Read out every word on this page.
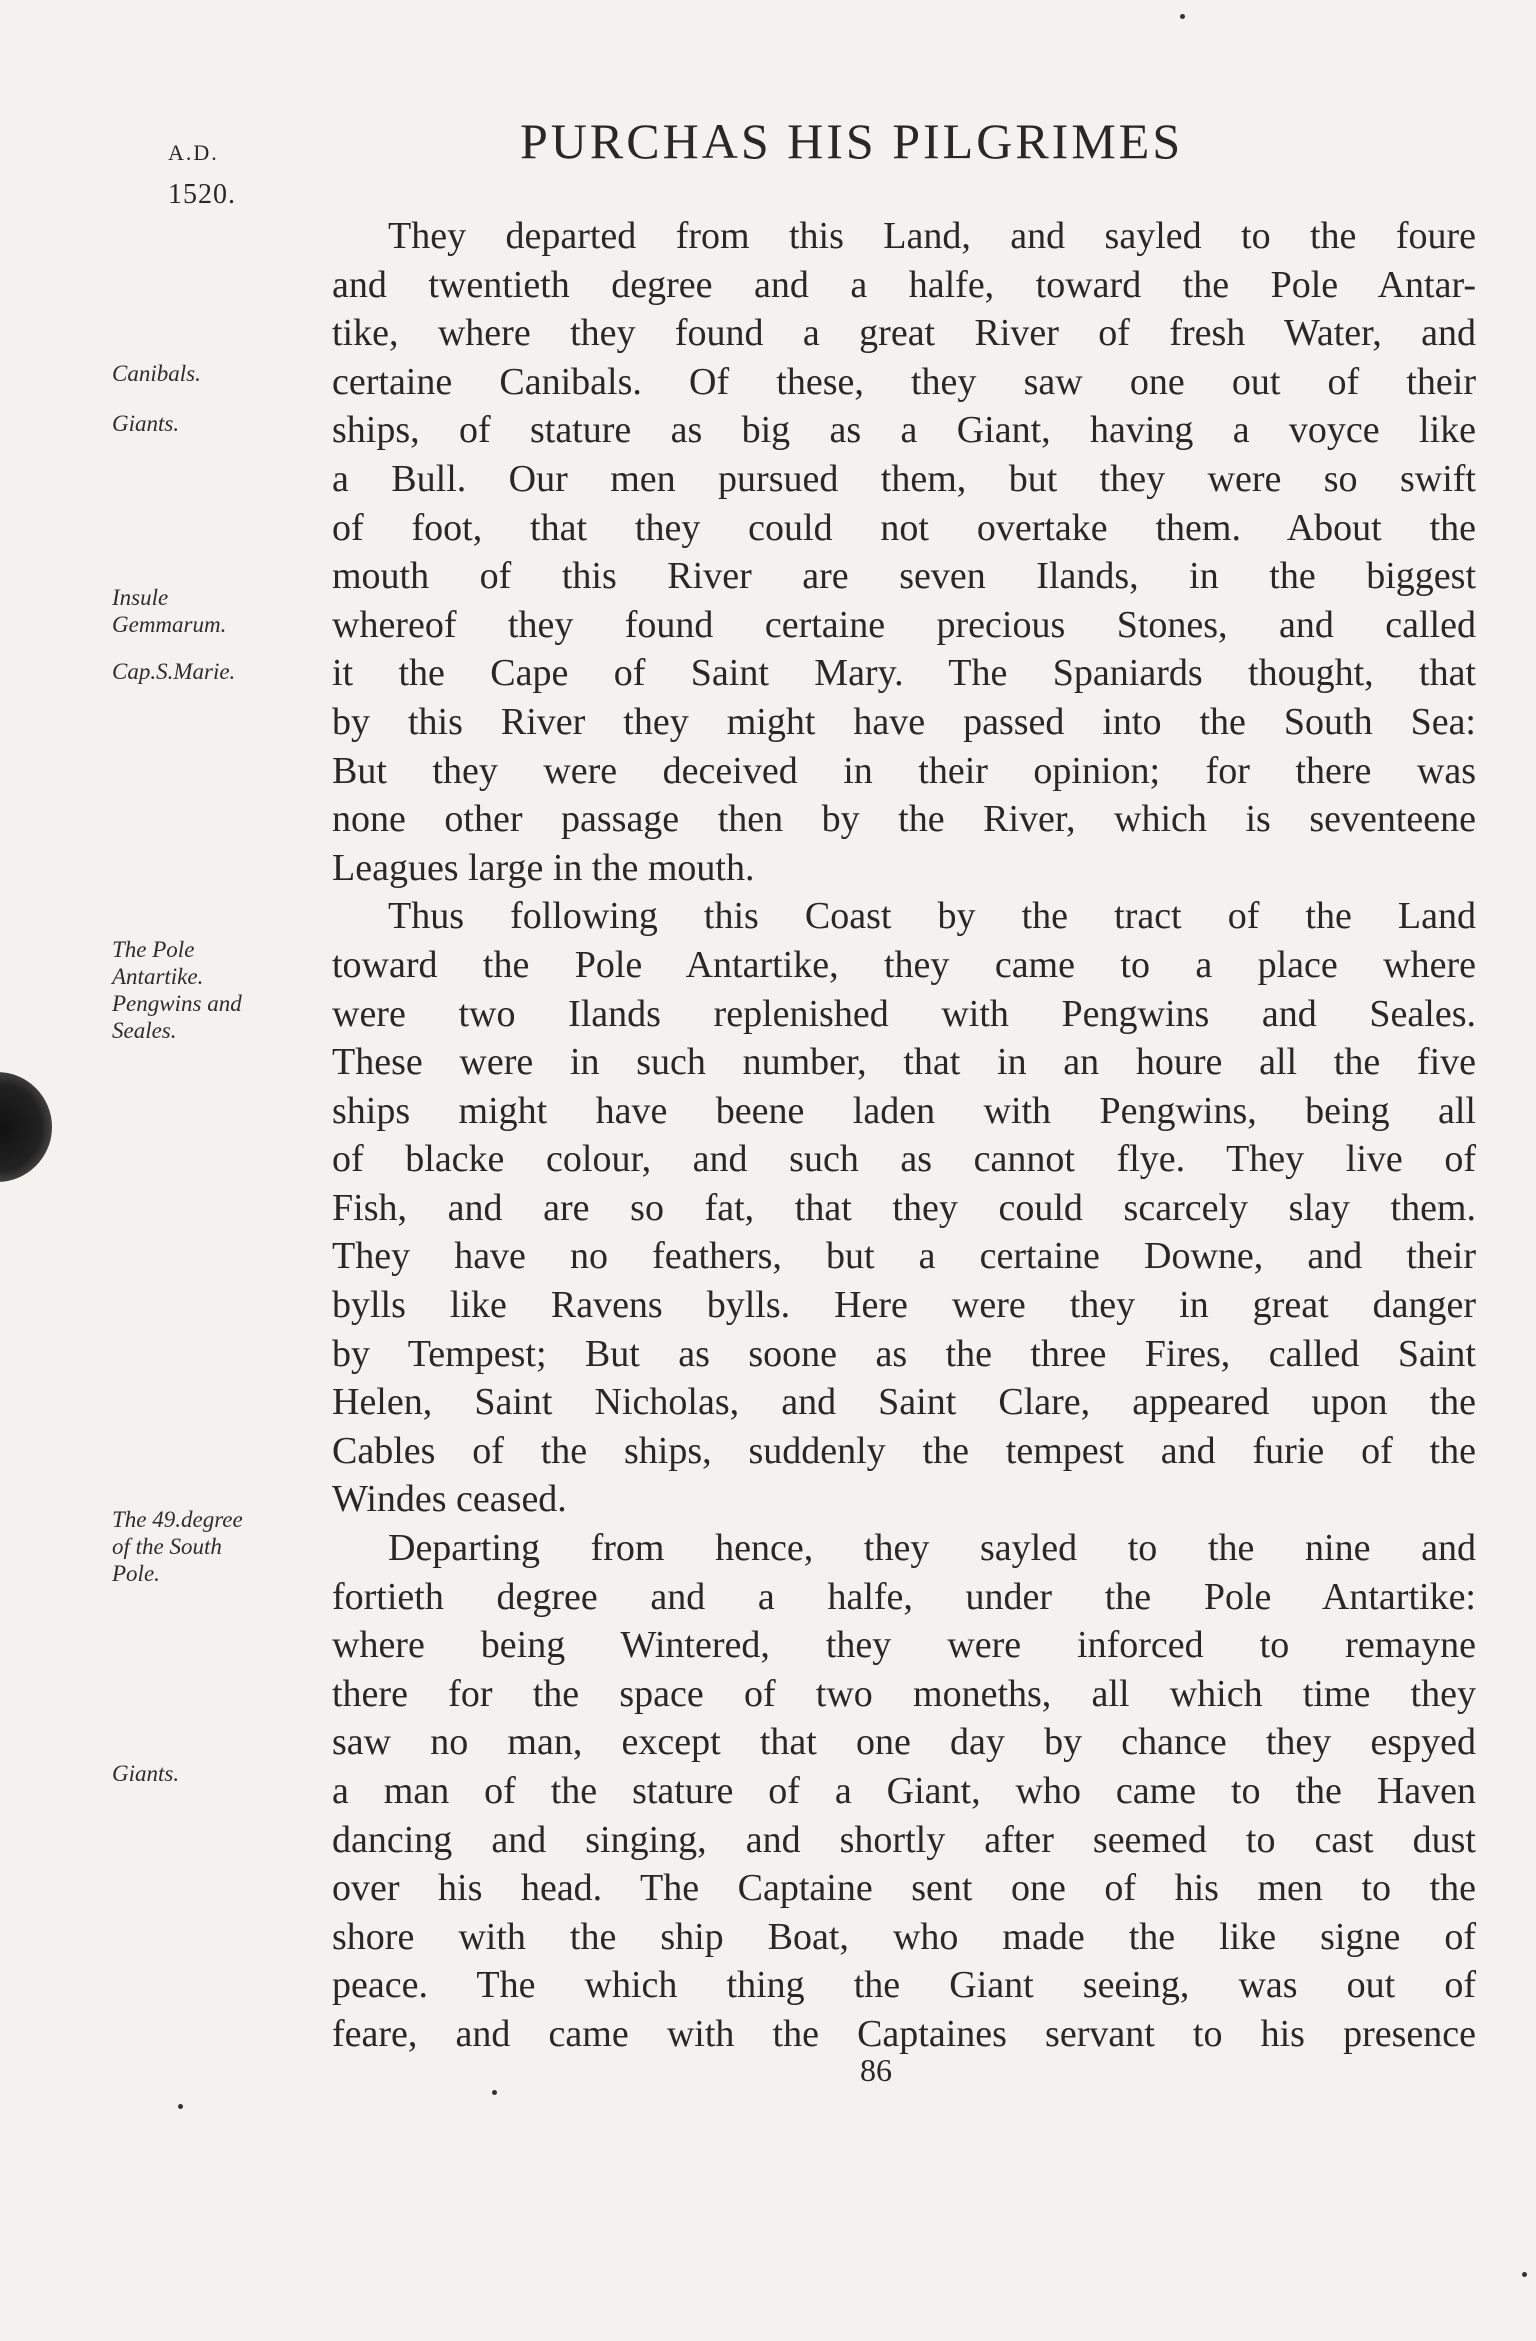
A.D.
1520.
PURCHAS HIS PILGRIMES
Canibals.
Giants.
Insule
Gemmarum.
Cap.S.Marie.
The Pole
Antartike.
Pengwins and
Seales.
The 49.degree
of the South
Pole.
Giants.
They departed from this Land, and sayled to the foure
and twentieth degree and a halfe, toward the Pole Antar-
tike, where they found a great River of fresh Water, and
certaine Canibals. Of these, they saw one out of their
ships, of stature as big as a Giant, having a voyce like
a Bull. Our men pursued them, but they were so swift
of foot, that they could not overtake them. About the
mouth of this River are seven Ilands, in the biggest
whereof they found certaine precious Stones, and called
it the Cape of Saint Mary. The Spaniards thought, that
by this River they might have passed into the South Sea:
But they were deceived in their opinion; for there was
none other passage then by the River, which is seventeene
Leagues large in the mouth.
Thus following this Coast by the tract of the Land
toward the Pole Antartike, they came to a place where
were two Ilands replenished with Pengwins and Seales.
These were in such number, that in an houre all the five
ships might have beene laden with Pengwins, being all
of blacke colour, and such as cannot flye. They live of
Fish, and are so fat, that they could scarcely slay them.
They have no feathers, but a certaine Downe, and their
bylls like Ravens bylls. Here were they in great danger
by Tempest; But as soone as the three Fires, called Saint
Helen, Saint Nicholas, and Saint Clare, appeared upon the
Cables of the ships, suddenly the tempest and furie of the
Windes ceased.
Departing from hence, they sayled to the nine and
fortieth degree and a halfe, under the Pole Antartike:
where being Wintered, they were inforced to remayne
there for the space of two moneths, all which time they
saw no man, except that one day by chance they espyed
a man of the stature of a Giant, who came to the Haven
dancing and singing, and shortly after seemed to cast dust
over his head. The Captaine sent one of his men to the
shore with the ship Boat, who made the like signe of
peace. The which thing the Giant seeing, was out of
feare, and came with the Captaines servant to his presence
86
